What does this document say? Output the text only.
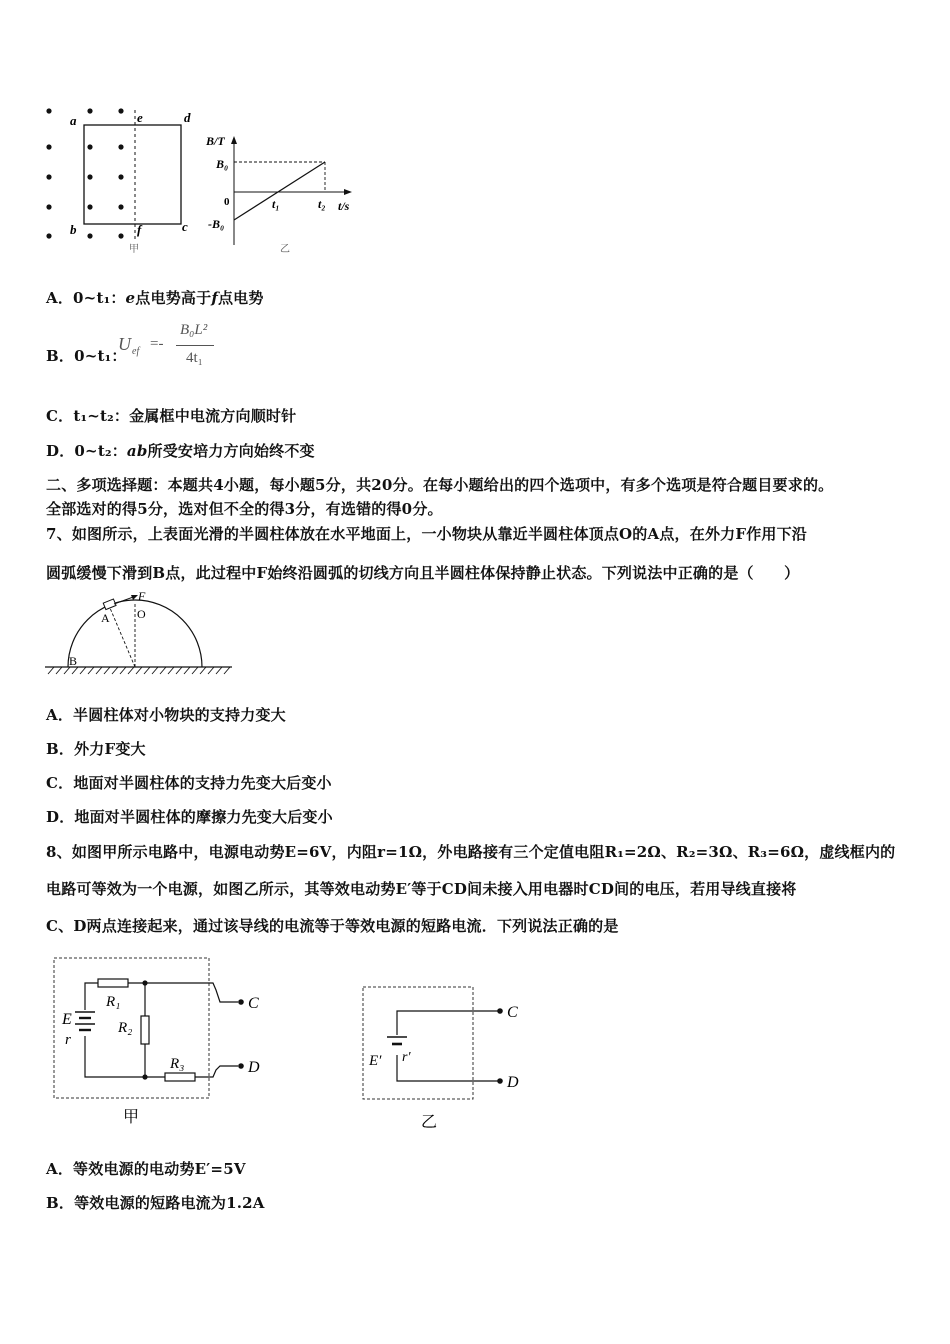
a
b	c
d
e
f
甲
B/T
B₀
0
-B₀
t₁	t₂ t/s
乙
A．0~t₁：e点电势高于f点电势
B．0~t₁：
U ef =-
B₀L²
4t₁
C．t₁~t₂：金属框中电流方向顺时针
D．0~t₂：ab所受安培力方向始终不变
二、多项选择题：本题共4小题，每小题5分，共20分。在每小题给出的四个选项中，有多个选项是符合题目要求的。
全部选对的得5分，选对但不全的得3分，有选错的得0分。
7、如图所示，上表面光滑的半圆柱体放在水平地面上，一小物块从靠近半圆柱体顶点O的A点，在外力F作用下沿
圆弧缓慢下滑到B点，此过程中F始终沿圆弧的切线方向且半圆柱体保持静止状态。下列说法中正确的是（　　）
F
A O
B
A．半圆柱体对小物块的支持力变大
B．外力F变大
C．地面对半圆柱体的支持力先变大后变小
D．地面对半圆柱体的摩擦力先变大后变小
8、如图甲所示电路中，电源电动势E=6V，内阻r=1Ω，外电路接有三个定值电阻R₁=2Ω、R₂=3Ω、R₃=6Ω，虚线框内的
电路可等效为一个电源，如图乙所示，其等效电动势E′等于CD间未接入用电器时CD间的电压，若用导线直接将
C、D两点连接起来，通过该导线的电流等于等效电源的短路电流．下列说法正确的是
E
r
R₁
R₂
R₃
C
D
甲
E′ r′
C
D
乙
A．等效电源的电动势E′=5V
B．等效电源的短路电流为1.2A
